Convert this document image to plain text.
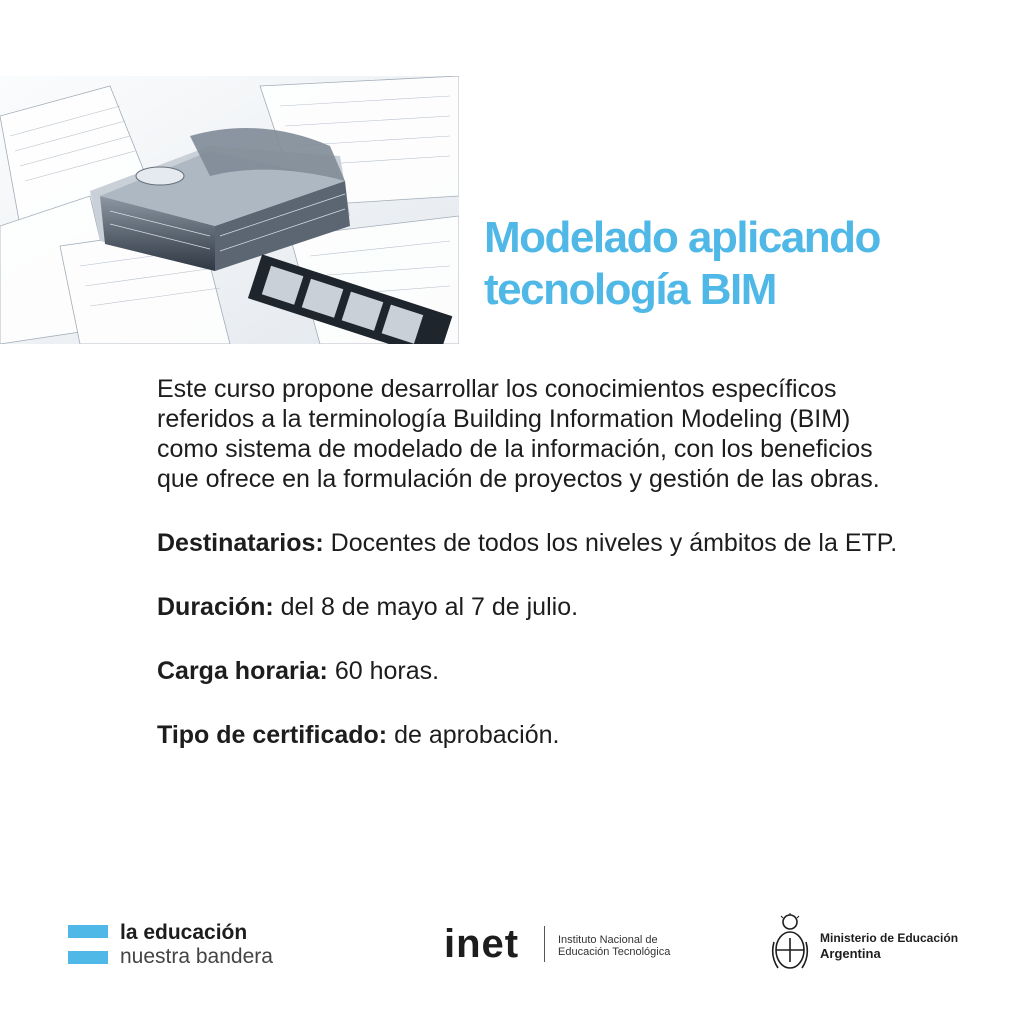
Modelado aplicando
tecnología BIM
Este curso propone desarrollar los conocimientos específicos
referidos a la terminología Building Information Modeling (BIM)
como sistema de modelado de la información, con los beneficios
que ofrece en la formulación de proyectos y gestión de las obras.
Destinatarios: Docentes de todos los niveles y ámbitos de la ETP.
Duración: del 8 de mayo al 7 de julio.
Carga horaria: 60 horas.
Tipo de certificado: de aprobación.
la educación
nuestra bandera	inet	Instituto Nacional de
Educación Tecnológica
Ministerio de Educación
Argentina
